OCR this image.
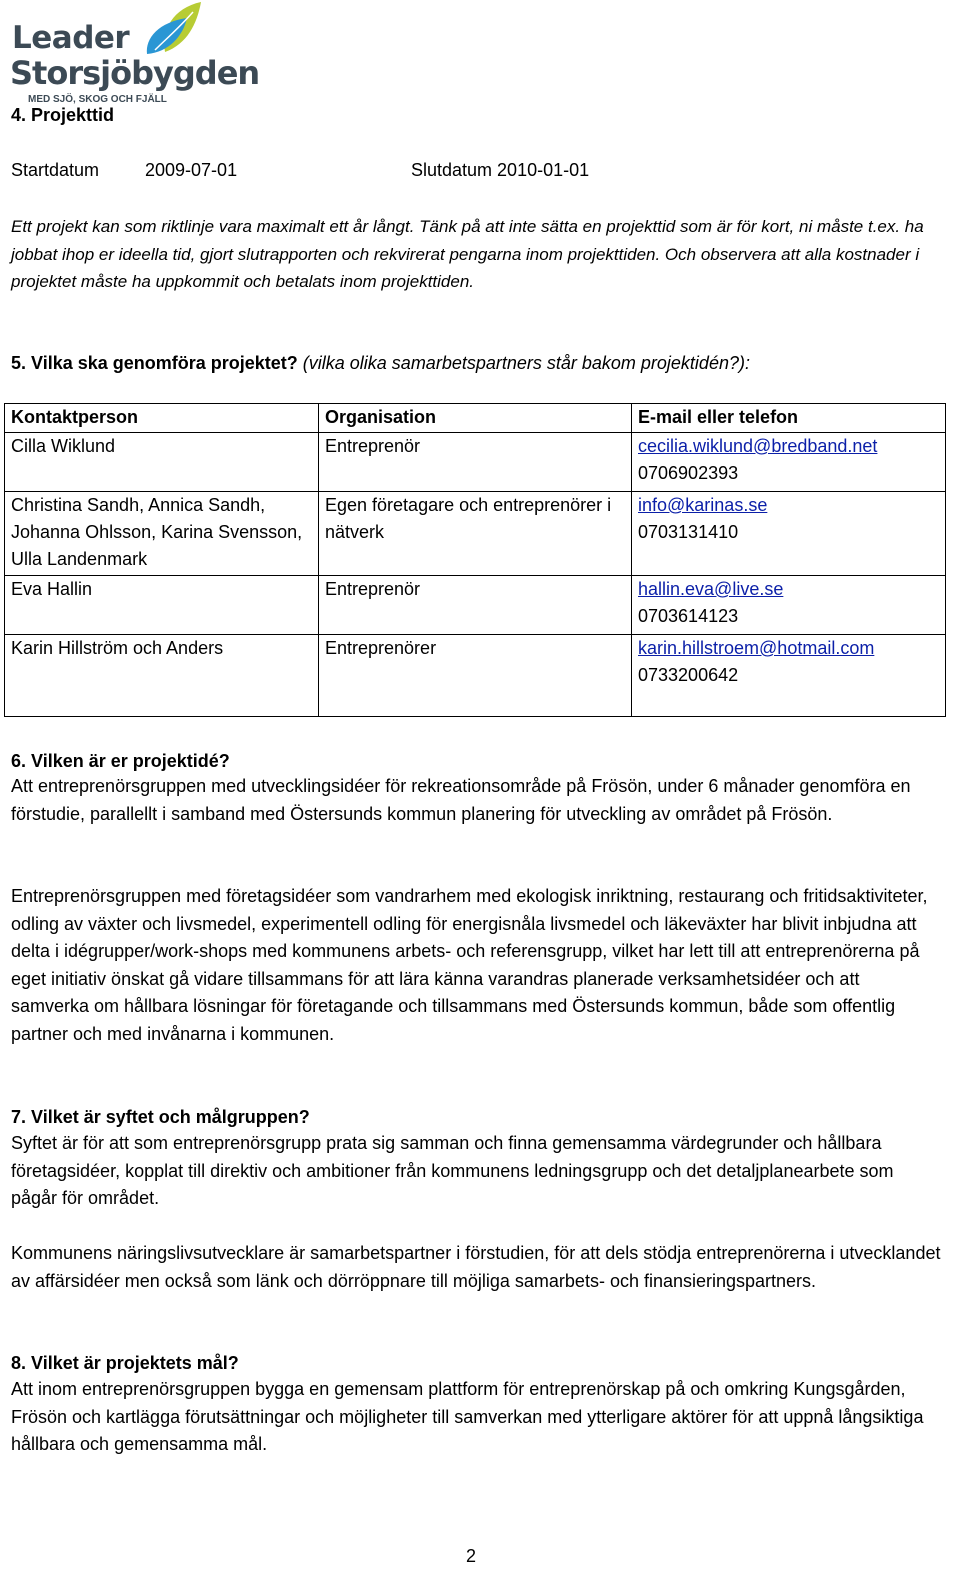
Leader
Storsjöbygden
MED SJÖ, SKOG OCH FJÄLL
4. Projekttid
Startdatum	2009-07-01	Slutdatum 2010-01-01
Ett projekt kan som riktlinje vara maximalt ett år långt. Tänk på att inte sätta en projekttid som är för kort, ni måste t.ex. ha jobbat ihop er ideella tid, gjort slutrapporten och rekvirerat pengarna inom projekttiden. Och observera att alla kostnader i projektet måste ha uppkommit och betalats inom projekttiden.
5. Vilka ska genomföra projektet? (vilka olika samarbetspartners står bakom projektidén?):
Kontaktperson	Organisation	E-mail eller telefon
Cilla Wiklund	Entreprenör	cecilia.wiklund@bredband.net
0706902393
Christina Sandh, Annica Sandh, Johanna Ohlsson, Karina Svensson, Ulla Landenmark	Egen företagare och entreprenörer i nätverk	info@karinas.se
0703131410
Eva Hallin	Entreprenör	hallin.eva@live.se
0703614123
Karin Hillström och Anders	Entreprenörer	karin.hillstroem@hotmail.com
0733200642
6. Vilken är er projektidé?
Att entreprenörsgruppen med utvecklingsidéer för rekreationsområde på Frösön, under 6 månader genomföra en förstudie, parallellt i samband med Östersunds kommun planering för utveckling av området på Frösön.
Entreprenörsgruppen med företagsidéer som vandrarhem med ekologisk inriktning, restaurang och fritidsaktiviteter, odling av växter och livsmedel, experimentell odling för energisnåla livsmedel och läkeväxter har blivit inbjudna att delta i idégrupper/work-shops med kommunens arbets- och referensgrupp, vilket har lett till att entreprenörerna på eget initiativ önskat gå vidare tillsammans för att lära känna varandras planerade verksamhetsidéer och att samverka om hållbara lösningar för företagande och tillsammans med Östersunds kommun, både som offentlig partner och med invånarna i kommunen.
7. Vilket är syftet och målgruppen?
Syftet är för att som entreprenörsgrupp prata sig samman och finna gemensamma värdegrunder och hållbara företagsidéer, kopplat till direktiv och ambitioner från kommunens ledningsgrupp och det detaljplanearbete som pågår för området.
Kommunens näringslivsutvecklare är samarbetspartner i förstudien, för att dels stödja entreprenörerna i utvecklandet av affärsidéer men också som länk och dörröppnare till möjliga samarbets- och finansieringspartners.
8. Vilket är projektets mål?
Att inom entreprenörsgruppen bygga en gemensam plattform för entreprenörskap på och omkring Kungsgården, Frösön och kartlägga förutsättningar och möjligheter till samverkan med ytterligare aktörer för att uppnå långsiktiga hållbara och gemensamma mål.
2
